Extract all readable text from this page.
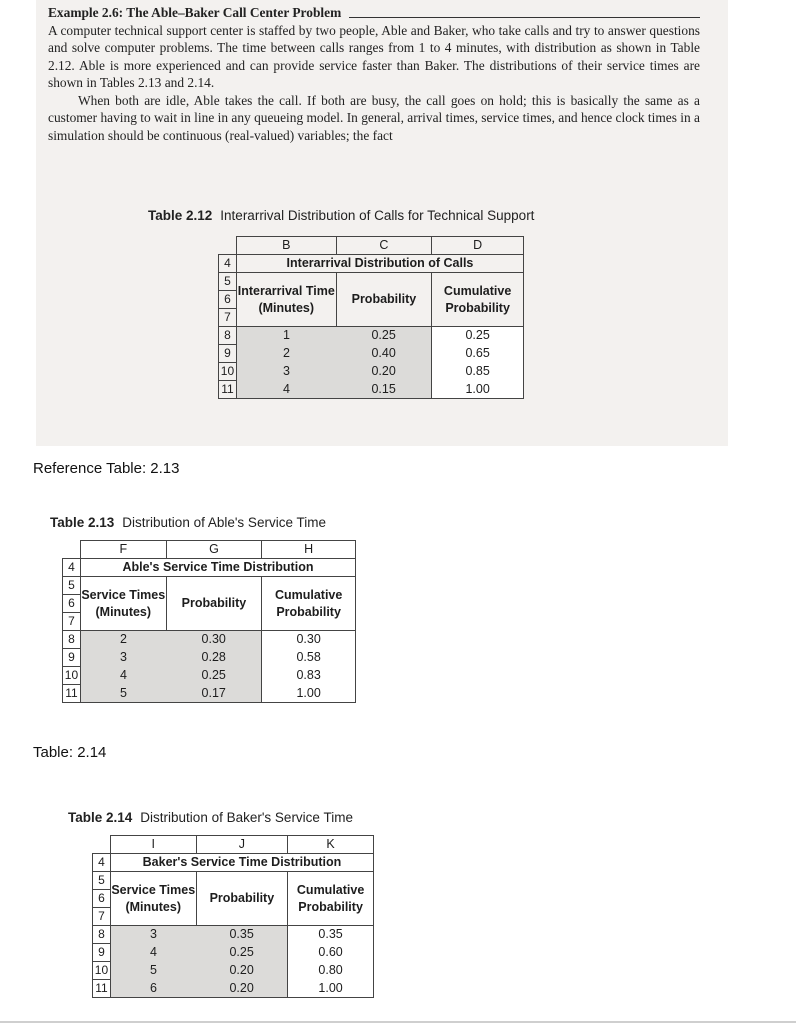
Example 2.6: The Able–Baker Call Center Problem

A computer technical support center is staffed by two people, Able and Baker, who take calls and try to answer questions and solve computer problems. The time between calls ranges from 1 to 4 minutes, with distribution as shown in Table 2.12. Able is more experienced and can provide service faster than Baker. The distributions of their service times are shown in Tables 2.13 and 2.14.

When both are idle, Able takes the call. If both are busy, the call goes on hold; this is basically the same as a customer having to wait in line in any queueing model. In general, arrival times, service times, and hence clock times in a simulation should be continuous (real-valued) variables; the fact

Table 2.12 Interarrival Distribution of Calls for Technical Support
	B	C	D
4	Interarrival Distribution of Calls		
5	Interarrival Time (Minutes)	Probability	Cumulative Probability
6			
7			
8	1	0.25	0.25
9	2	0.40	0.65
10	3	0.20	0.85
11	4	0.15	1.00
Reference Table: 2.13
Table 2.13 Distribution of Able's Service Time
	F	G	H
4	Able's Service Time Distribution		
5	Service Times (Minutes)	Probability	Cumulative Probability
6			
7			
8	2	0.30	0.30
9	3	0.28	0.58
10	4	0.25	0.83
11	5	0.17	1.00
Table: 2.14
Table 2.14 Distribution of Baker's Service Time
	I	J	K
4	Baker's Service Time Distribution		
5	Service Times (Minutes)	Probability	Cumulative Probability
6			
7			
8	3	0.35	0.35
9	4	0.25	0.60
10	5	0.20	0.80
11	6	0.20	1.00
